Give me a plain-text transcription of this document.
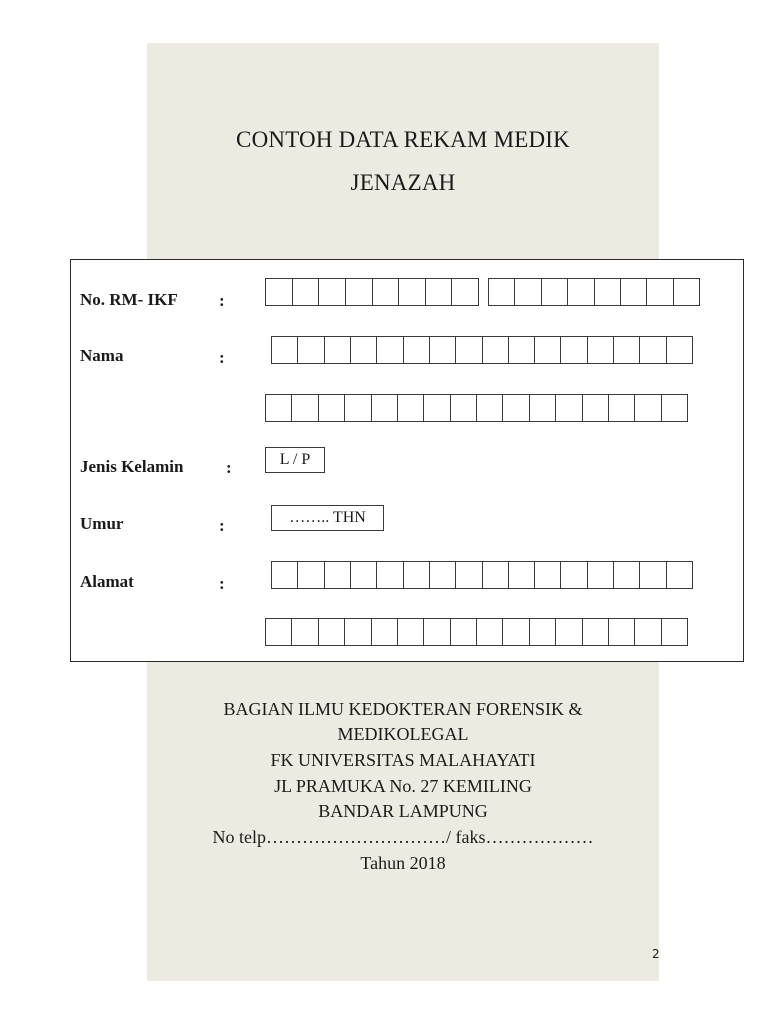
CONTOH DATA REKAM MEDIK
JENAZAH
No. RM- IKF :
Nama	:
Jenis Kelamin	:	L / P
Umur	:	…….. THN
Alamat	:
BAGIAN ILMU KEDOKTERAN FORENSIK &
MEDIKOLEGAL
FK UNIVERSITAS MALAHAYATI
JL PRAMUKA No. 27 KEMILING
BANDAR LAMPUNG
No telp…………………………/ faks………………
Tahun 2018
2
